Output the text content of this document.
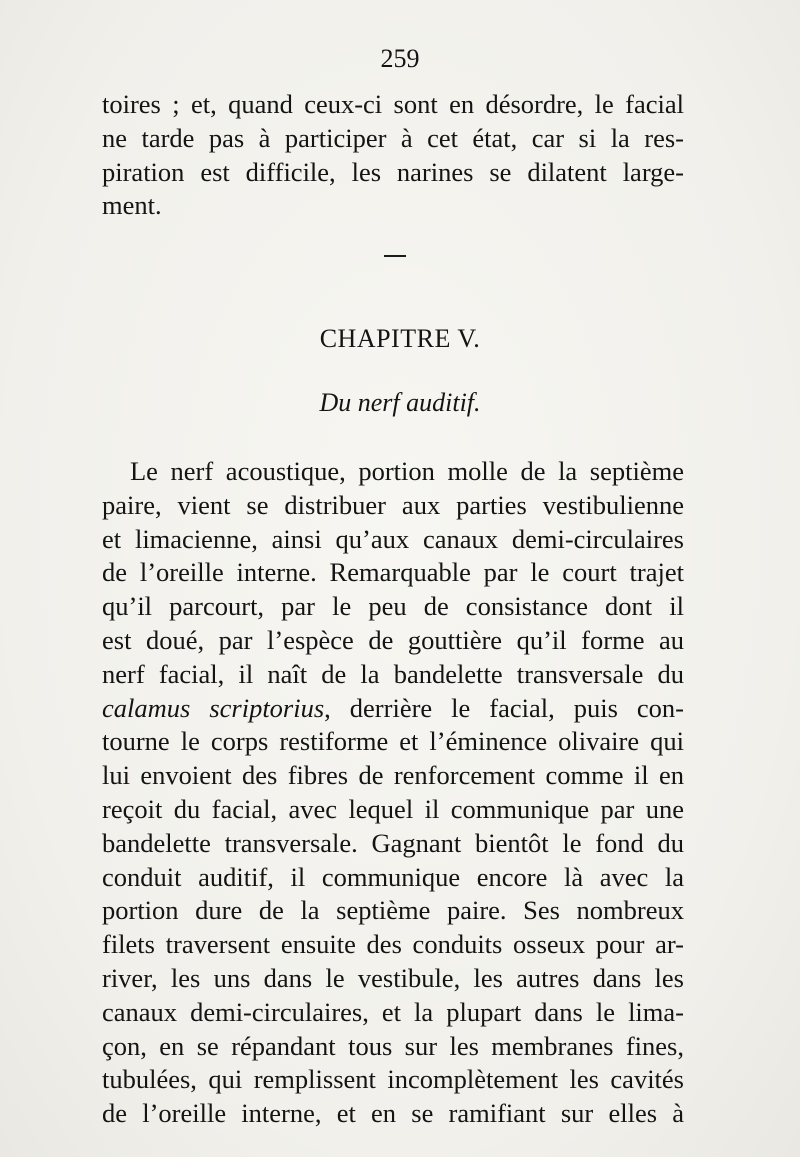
259
toires ; et, quand ceux-ci sont en désordre, le facial
ne tarde pas à participer à cet état, car si la res-
piration est difficile, les narines se dilatent large-
ment.
CHAPITRE V.
Du nerf auditif.
Le nerf acoustique, portion molle de la septième
paire, vient se distribuer aux parties vestibulienne
et limacienne, ainsi qu’aux canaux demi-circulaires
de l’oreille interne. Remarquable par le court trajet
qu’il parcourt, par le peu de consistance dont il
est doué, par l’espèce de gouttière qu’il forme au
nerf facial, il naît de la bandelette transversale du
calamus scriptorius, derrière le facial, puis con-
tourne le corps restiforme et l’éminence olivaire qui
lui envoient des fibres de renforcement comme il en
reçoit du facial, avec lequel il communique par une
bandelette transversale. Gagnant bientôt le fond du
conduit auditif, il communique encore là avec la
portion dure de la septième paire. Ses nombreux
filets traversent ensuite des conduits osseux pour ar-
river, les uns dans le vestibule, les autres dans les
canaux demi-circulaires, et la plupart dans le lima-
çon, en se répandant tous sur les membranes fines,
tubulées, qui remplissent incomplètement les cavités
de l’oreille interne, et en se ramifiant sur elles à
